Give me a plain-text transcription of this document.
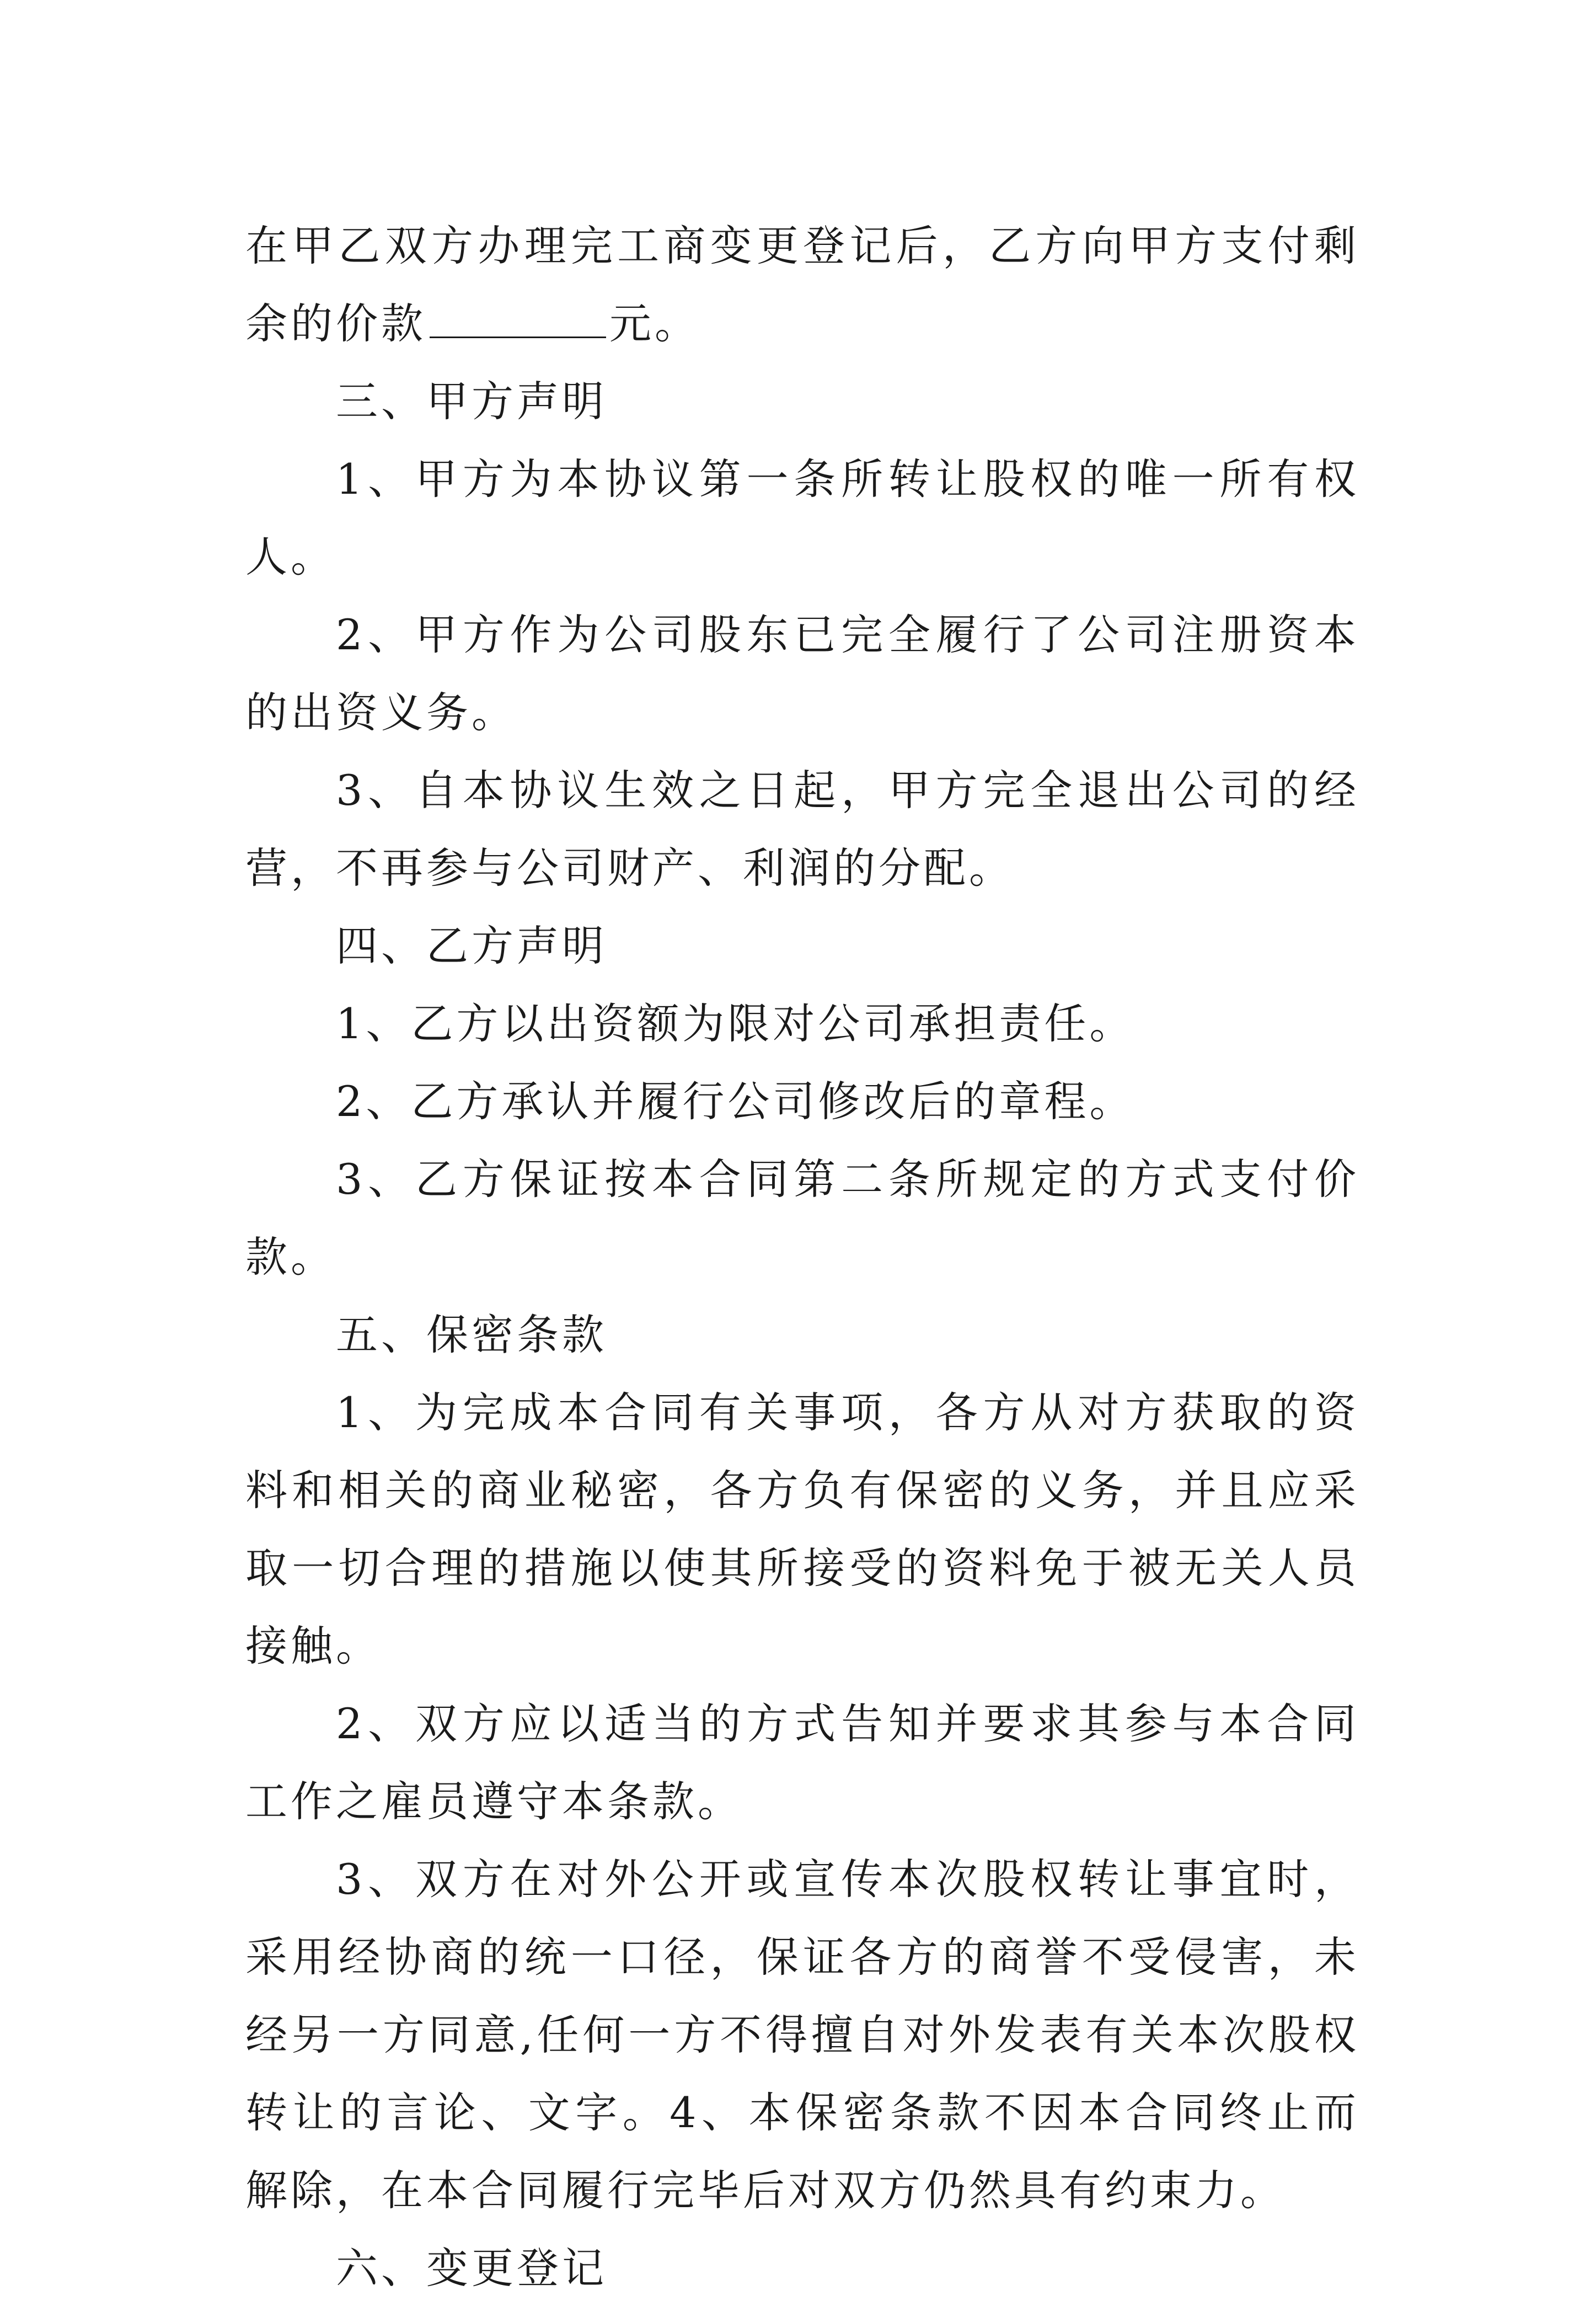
在甲乙双方办理完工商变更登记后，乙方向甲方支付剩余的价款	元。

三、甲方声明

1、甲方为本协议第一条所转让股权的唯一所有权人。

2、甲方作为公司股东已完全履行了公司注册资本的出资义务。

3、自本协议生效之日起，甲方完全退出公司的经营，不再参与公司财产、利润的分配。

四、乙方声明

1、乙方以出资额为限对公司承担责任。

2、乙方承认并履行公司修改后的章程。

3、乙方保证按本合同第二条所规定的方式支付价款。

五、保密条款

1、为完成本合同有关事项，各方从对方获取的资料和相关的商业秘密，各方负有保密的义务，并且应采取一切合理的措施以使其所接受的资料免于被无关人员接触。

2、双方应以适当的方式告知并要求其参与本合同工作之雇员遵守本条款。

3、双方在对外公开或宣传本次股权转让事宜时，采用经协商的统一口径，保证各方的商誉不受侵害，未经另一方同意,任何一方不得擅自对外发表有关本次股权转让的言论、文字。4、本保密条款不因本合同终止而解除，在本合同履行完毕后对双方仍然具有约束力。

六、变更登记
